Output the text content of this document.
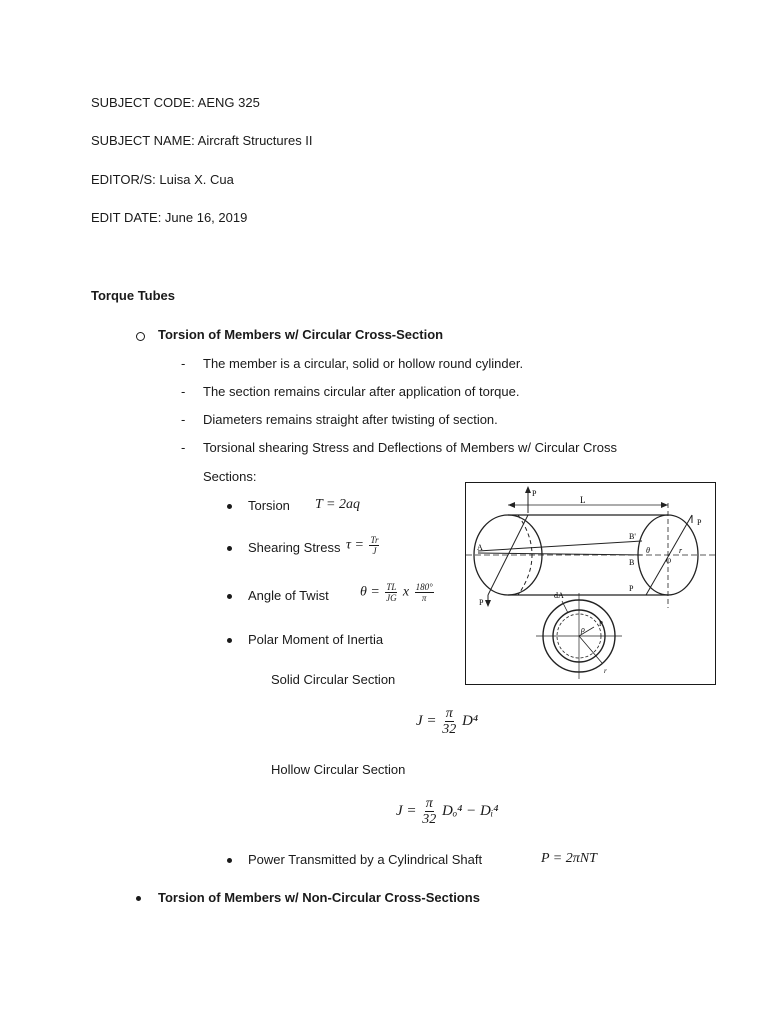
SUBJECT CODE: AENG 325
SUBJECT NAME: Aircraft Structures II
EDITOR/S: Luisa X. Cua
EDIT DATE: June 16, 2019
Torque Tubes
Torsion of Members w/ Circular Cross-Section
- The member is a circular, solid or hollow round cylinder.
- The section remains circular after application of torque.
- Diameters remains straight after twisting of section.
- Torsional shearing Stress and Deflections of Members w/ Circular Cross
Sections:
Torsion T = 2aq
Shearing Stress $\tau = \frac{Tr}{J}$
Angle of Twist $\theta = \frac{TL}{JG}$ x $\frac{180^\circ}{\pi}$
Polar Moment of Inertia
Solid Circular Section
$J = \frac{\pi}{32} D^4$
Hollow Circular Section
$J = \frac{\pi}{32} D_o^4$ − Dᵢ⁴
Power Transmitted by a Cylindrical Shaft	P = 2πNT
Torsion of Members w/ Non-Circular Cross-Sections
P
P
P
P
L
A
B
B'
O
r
θ
dA
ρ
r
P
